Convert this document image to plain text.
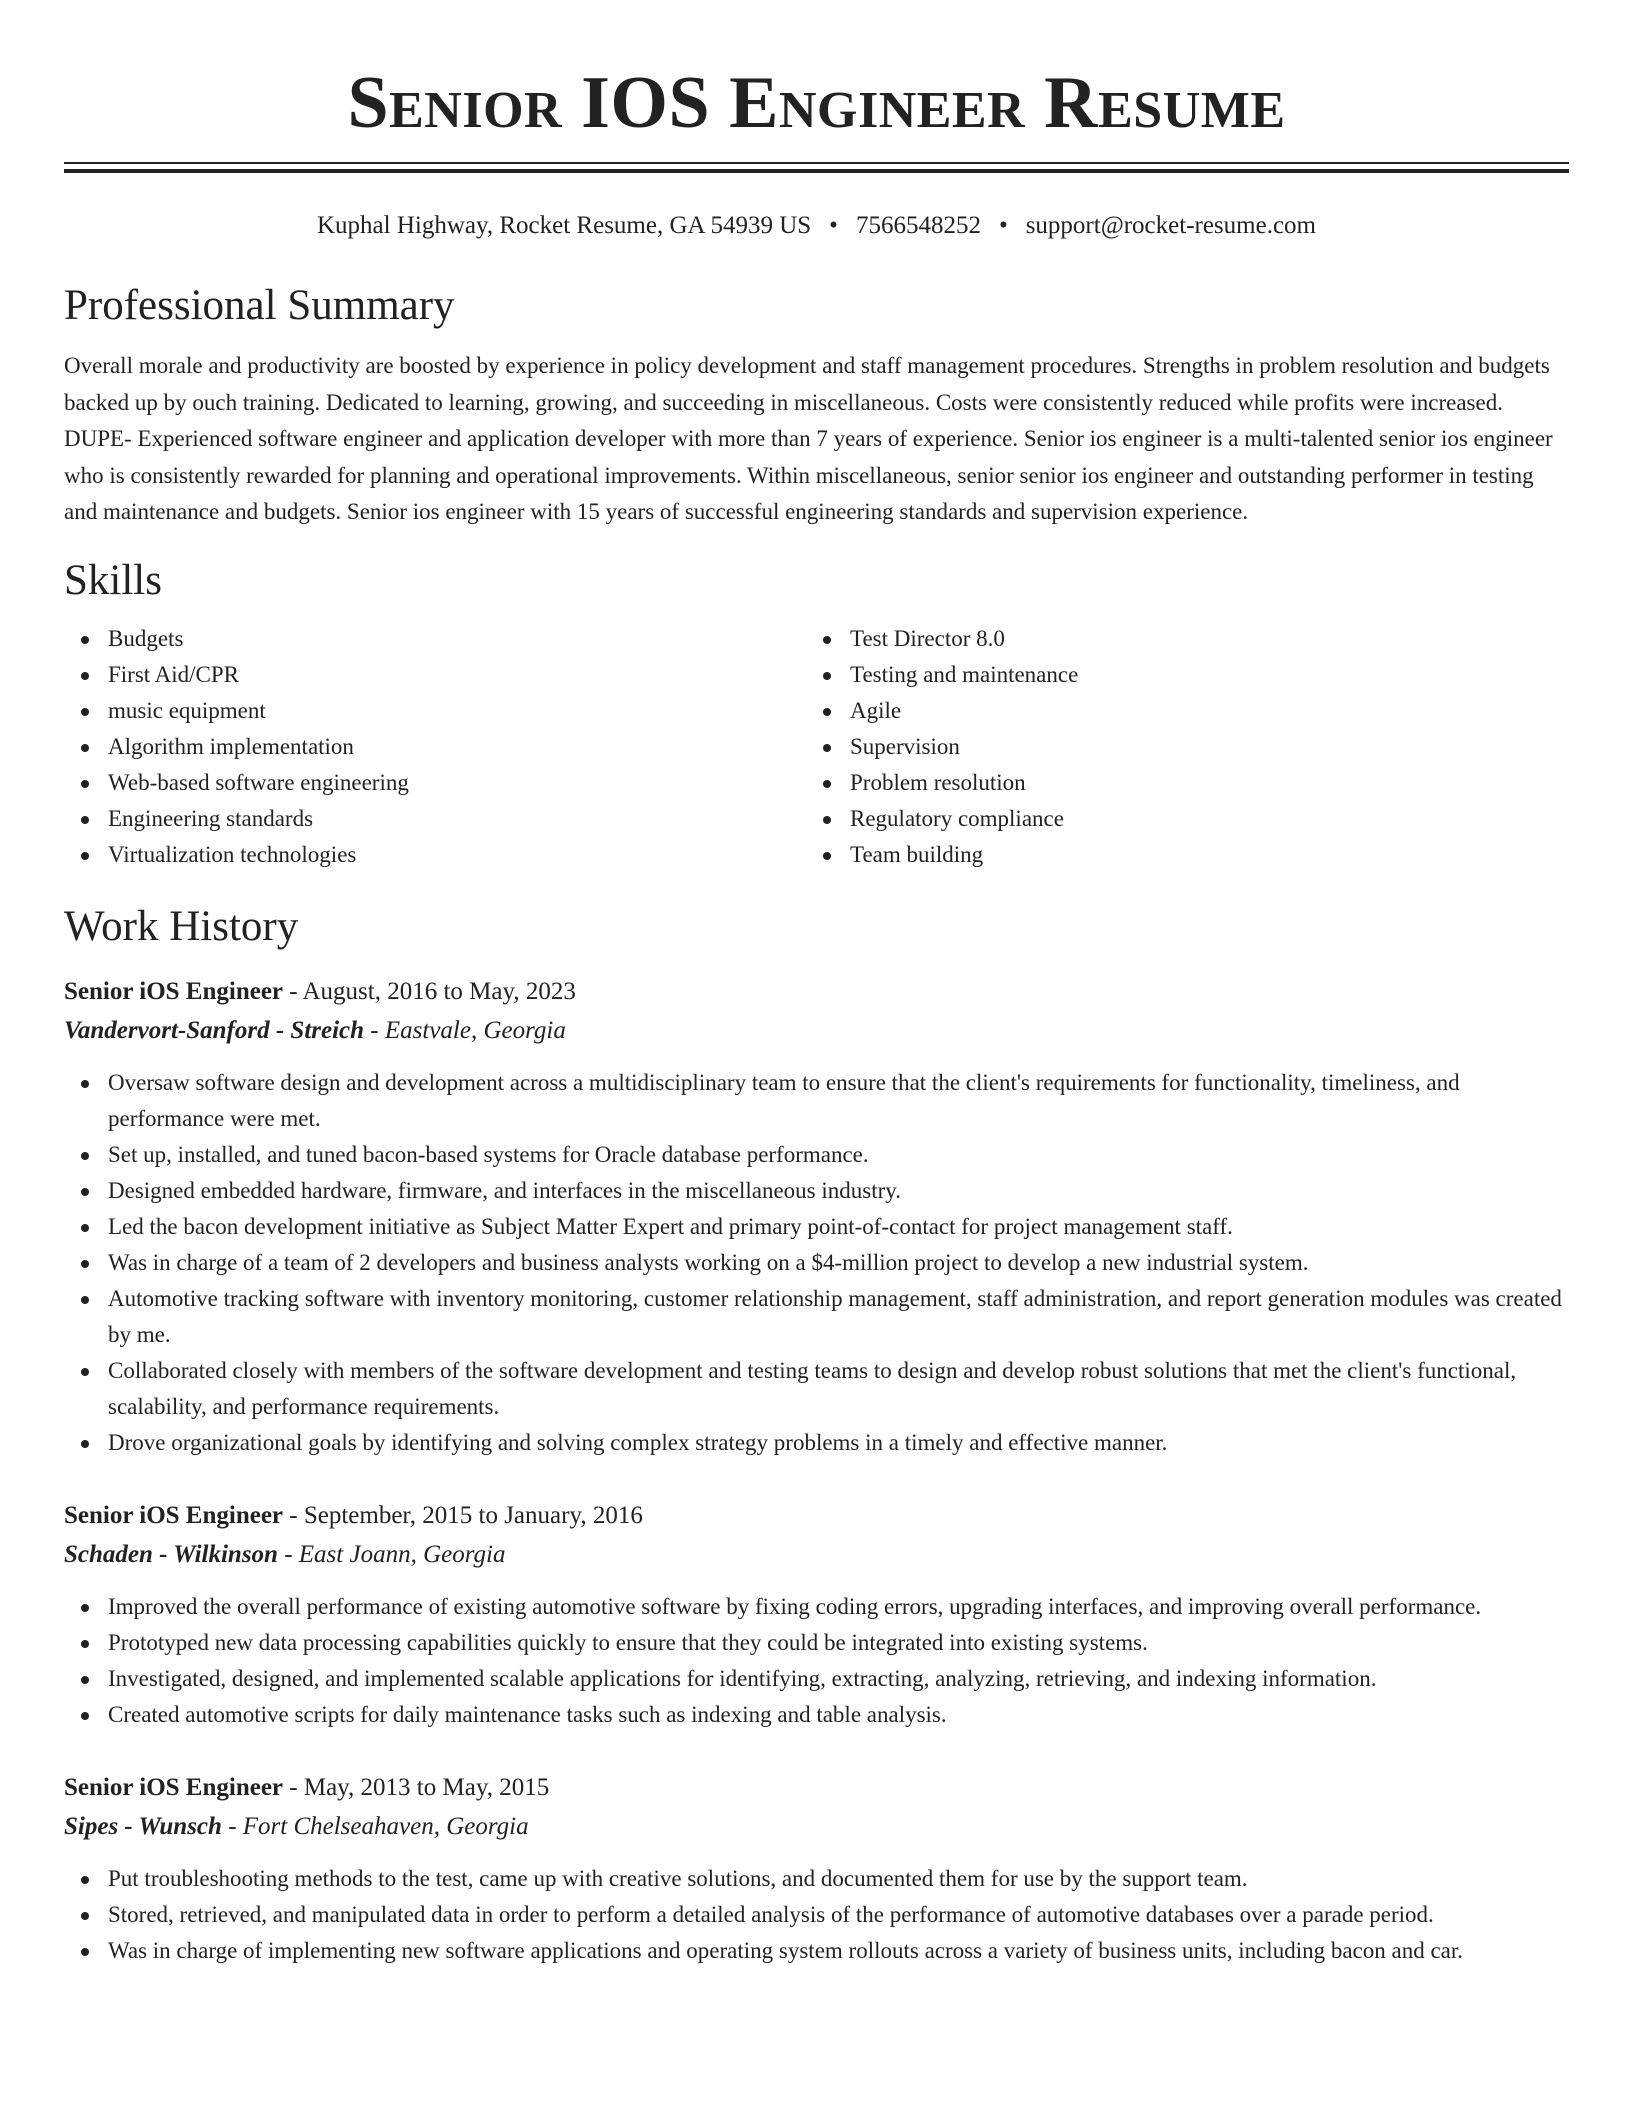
Senior IOS Engineer Resume
Kuphal Highway, Rocket Resume, GA 54939 US • 7566548252 • support@rocket-resume.com
Professional Summary

Overall morale and productivity are boosted by experience in policy development and staff management procedures. Strengths in problem resolution and budgets backed up by ouch training. Dedicated to learning, growing, and succeeding in miscellaneous. Costs were consistently reduced while profits were increased. DUPE- Experienced software engineer and application developer with more than 7 years of experience. Senior ios engineer is a multi-talented senior ios engineer who is consistently rewarded for planning and operational improvements. Within miscellaneous, senior senior ios engineer and outstanding performer in testing and maintenance and budgets. Senior ios engineer with 15 years of successful engineering standards and supervision experience.

Skills
Budgets
First Aid/CPR
music equipment
Algorithm implementation
Web-based software engineering
Engineering standards
Virtualization technologies
Test Director 8.0
Testing and maintenance
Agile
Supervision
Problem resolution
Regulatory compliance
Team building
Work History
Senior iOS Engineer - August, 2016 to May, 2023
Vandervort-Sanford - Streich - Eastvale, Georgia
Oversaw software design and development across a multidisciplinary team to ensure that the client's requirements for functionality, timeliness, and performance were met.
Set up, installed, and tuned bacon-based systems for Oracle database performance.
Designed embedded hardware, firmware, and interfaces in the miscellaneous industry.
Led the bacon development initiative as Subject Matter Expert and primary point-of-contact for project management staff.
Was in charge of a team of 2 developers and business analysts working on a $4-million project to develop a new industrial system.
Automotive tracking software with inventory monitoring, customer relationship management, staff administration, and report generation modules was created by me.
Collaborated closely with members of the software development and testing teams to design and develop robust solutions that met the client's functional, scalability, and performance requirements.
Drove organizational goals by identifying and solving complex strategy problems in a timely and effective manner.
Senior iOS Engineer - September, 2015 to January, 2016
Schaden - Wilkinson - East Joann, Georgia
Improved the overall performance of existing automotive software by fixing coding errors, upgrading interfaces, and improving overall performance.
Prototyped new data processing capabilities quickly to ensure that they could be integrated into existing systems.
Investigated, designed, and implemented scalable applications for identifying, extracting, analyzing, retrieving, and indexing information.
Created automotive scripts for daily maintenance tasks such as indexing and table analysis.
Senior iOS Engineer - May, 2013 to May, 2015
Sipes - Wunsch - Fort Chelseahaven, Georgia
Put troubleshooting methods to the test, came up with creative solutions, and documented them for use by the support team.
Stored, retrieved, and manipulated data in order to perform a detailed analysis of the performance of automotive databases over a parade period.
Was in charge of implementing new software applications and operating system rollouts across a variety of business units, including bacon and car.
